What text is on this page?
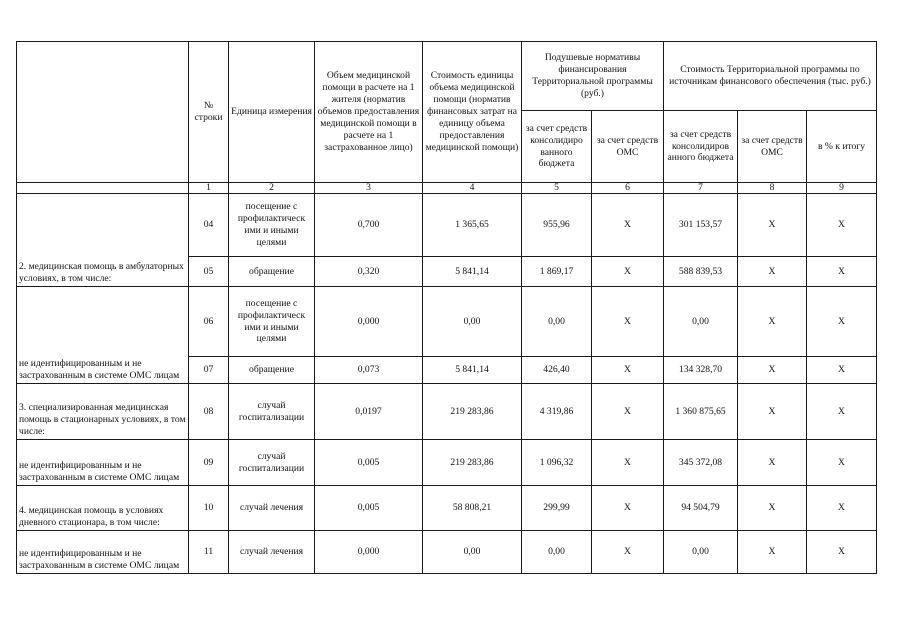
	№ строки	Единица измерения	Объем медицинской помощи в расчете на 1 жителя (норматив объемов предоставления медицинской помощи в расчете на 1 застрахованное лицо)	Стоимость единицы объема медицинской помощи (норматив финансовых затрат на единицу объема предоставления медицинской помощи)	Подушевые нормативы финансирования Территориальной программы (руб.)		Стоимость Территориальной программы по источникам финансового обеспечения (тыс. руб.)		
					за счет средств консолидиро ванного бюджета	за счет средств ОМС	за счет средств консолидиров анного бюджета	за счет средств ОМС	в % к итогу
	1	2	3	4	5	6	7	8	9
2. медицинская помощь в амбулаторных условиях, в том числе:	04	посещение с профилактическ ими и иными целями	0,700	1 365,65	955,96	X	301 153,57	X	X
	05	обращение	0,320	5 841,14	1 869,17	X	588 839,53	X	X
не идентифицированным и не застрахованным в системе ОМС лицам	06	посещение с профилактическ ими и иными целями	0,000	0,00	0,00	X	0,00	X	X
	07	обращение	0,073	5 841,14	426,40	X	134 328,70	X	X
3. специализированная медицинская помощь в стационарных условиях, в том числе:	08	случай госпитализации	0,0197	219 283,86	4 319,86	X	1 360 875,65	X	X
не идентифицированным и не застрахованным в системе ОМС лицам	09	случай госпитализации	0,005	219 283,86	1 096,32	X	345 372,08	X	X
4. медицинская помощь в условиях дневного стационара, в том числе:	10	случай лечения	0,005	58 808,21	299,99	X	94 504,79	X	X
не идентифицированным и не застрахованным в системе ОМС лицам	11	случай лечения	0,000	0,00	0,00	X	0,00	X	X
